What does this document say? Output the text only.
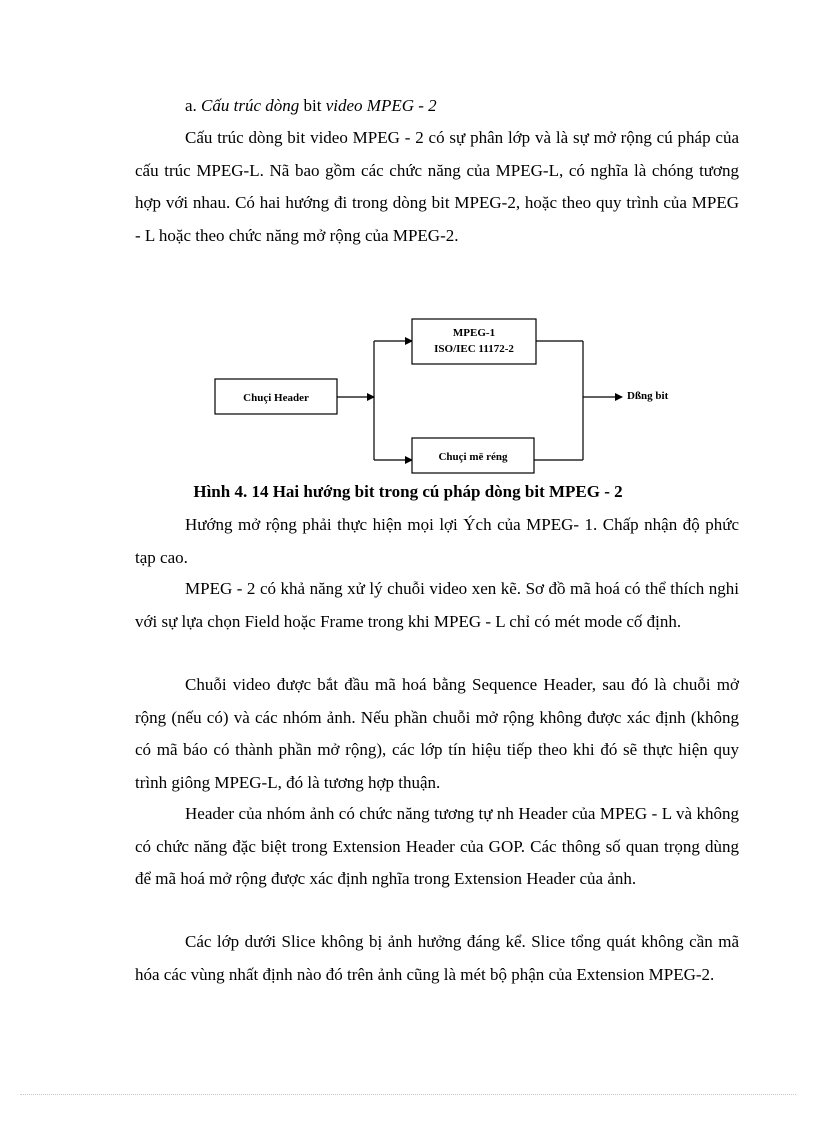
a. Cấu trúc dòng bit video MPEG - 2

Cấu trúc dòng bit video MPEG - 2 có sự phân lớp và là sự mở rộng cú pháp của cấu trúc MPEG-L. Nã bao gồm các chức năng của MPEG-L, có nghĩa là chóng tương hợp với nhau. Có hai hướng đi trong dòng bit MPEG-2, hoặc theo quy trình của MPEG - L hoặc theo chức năng mở rộng của MPEG-2.

Chuçi Header
MPEG-1
ISO/IEC 11172-2
Chuçi më réng
Dßng bit
Hình 4. 14 Hai hướng bit trong cú pháp dòng bit MPEG - 2

Hướng mở rộng phải thực hiện mọi lợi Ých của MPEG- 1. Chấp nhận độ phức tạp cao.

MPEG - 2 có khả năng xử lý chuỗi video xen kẽ. Sơ đồ mã hoá có thể thích nghi với sự lựa chọn Field hoặc Frame trong khi MPEG - L chỉ có mét mode cố định.

Chuỗi video được bắt đầu mã hoá bằng Sequence Header, sau đó là chuỗi mở rộng (nếu có) và các nhóm ảnh. Nếu phần chuỗi mở rộng không được xác định (không có mã báo có thành phần mở rộng), các lớp tín hiệu tiếp theo khi đó sẽ thực hiện quy trình giông MPEG-L, đó là tương hợp thuận.

Header của nhóm ảnh có chức năng tương tự nh Header của MPEG - L và không có chức năng đặc biệt trong Extension Header của GOP. Các thông số quan trọng dùng để mã hoá mở rộng được xác định nghĩa trong Extension Header của ảnh.

Các lớp dưới Slice không bị ảnh hưởng đáng kể. Slice tổng quát không cần mã hóa các vùng nhất định nào đó trên ảnh cũng là mét bộ phận của Extension MPEG-2.
